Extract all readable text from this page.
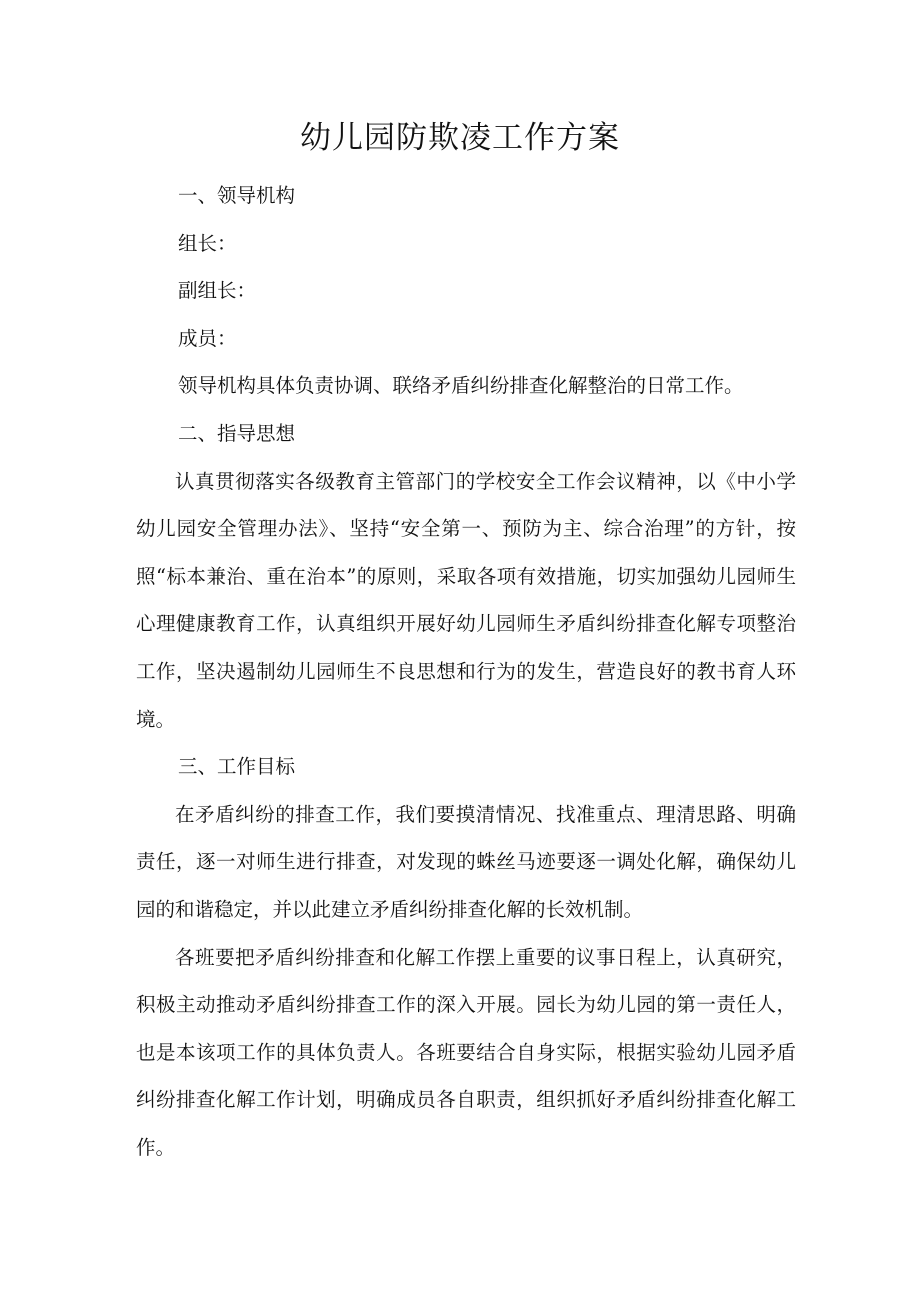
幼儿园防欺凌工作方案

一、领导机构

组长：

副组长：

成员：

领导机构具体负责协调、联络矛盾纠纷排查化解整治的日常工作。

二、指导思想

认真贯彻落实各级教育主管部门的学校安全工作会议精神，以《中小学幼儿园安全管理办法》、坚持“安全第一、预防为主、综合治理”的方针，按照“标本兼治、重在治本”的原则，采取各项有效措施，切实加强幼儿园师生心理健康教育工作，认真组织开展好幼儿园师生矛盾纠纷排查化解专项整治工作，坚决遏制幼儿园师生不良思想和行为的发生，营造良好的教书育人环境。

三、工作目标

在矛盾纠纷的排查工作，我们要摸清情况、找准重点、理清思路、明确责任，逐一对师生进行排查，对发现的蛛丝马迹要逐一调处化解，确保幼儿园的和谐稳定，并以此建立矛盾纠纷排查化解的长效机制。

各班要把矛盾纠纷排查和化解工作摆上重要的议事日程上，认真研究，积极主动推动矛盾纠纷排查工作的深入开展。园长为幼儿园的第一责任人，也是本该项工作的具体负责人。各班要结合自身实际，根据实验幼儿园矛盾纠纷排查化解工作计划，明确成员各自职责，组织抓好矛盾纠纷排查化解工作。
